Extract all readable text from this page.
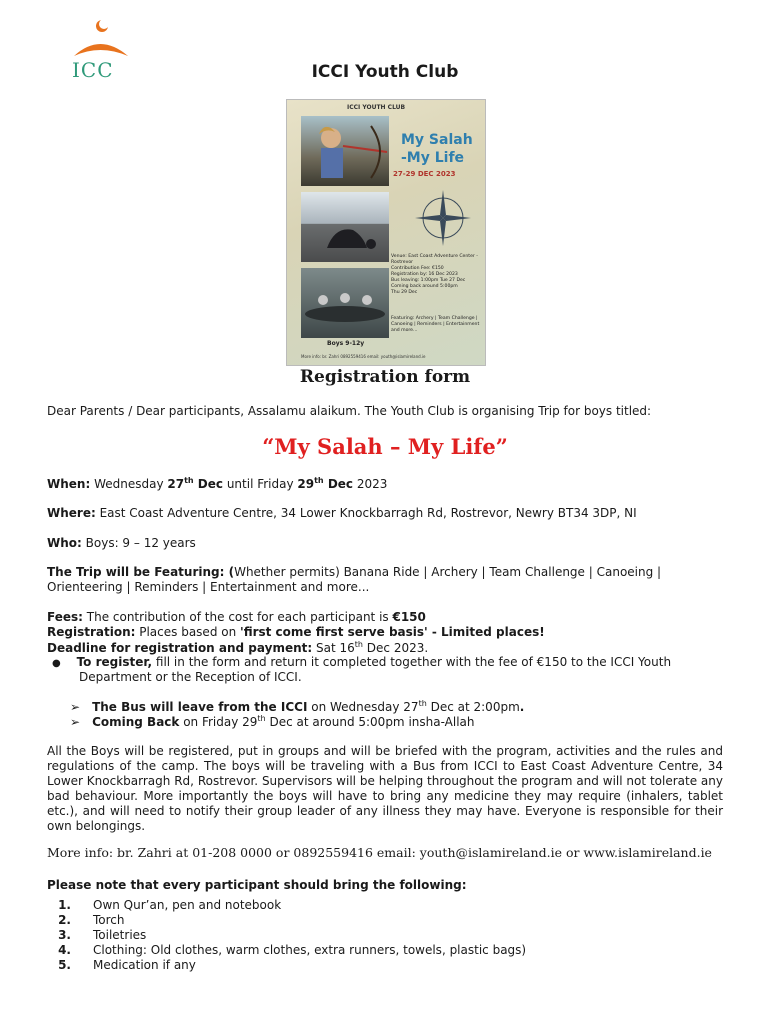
ICC	ICCI Youth Club
ICCI YOUTH CLUB
My Salah
-My Life
27-29 DEC 2023
Venue: East Coast Adventure Center - Rostrevor
Contribution Fee: €150
Registration by: 16 Dec 2023
Bus leaving: 1:00pm Tue 27 Dec
Coming back around 5:00pm
Thu 29 Dec
Featuring: Archery | Team Challenge | Canoeing | Reminders | Entertainment and more...
Boys 9-12y
More info: br. Zahri 0892559416 email: youth@islamireland.ie
Registration form
Dear Parents / Dear participants, Assalamu alaikum. The Youth Club is organising Trip for boys titled:
“My Salah – My Life”
When: Wednesday 27th Dec until Friday 29th Dec 2023
Where: East Coast Adventure Centre, 34 Lower Knockbarragh Rd, Rostrevor, Newry BT34 3DP, NI
Who: Boys: 9 – 12 years
The Trip will be Featuring: (Whether permits) Banana Ride | Archery | Team Challenge | Canoeing |
Orienteering | Reminders | Entertainment and more...
Fees: The contribution of the cost for each participant is €150
Registration: Places based on 'first come first serve basis' - Limited places!
Deadline for registration and payment: Sat 16th Dec 2023.
● To register, fill in the form and return it completed together with the fee of €150 to the ICCI Youth
Department or the Reception of ICCI.
➢ The Bus will leave from the ICCI on Wednesday 27th Dec at 2:00pm.
➢ Coming Back on Friday 29th Dec at around 5:00pm insha-Allah
All the Boys will be registered, put in groups and will be briefed with the program, activities and the rules and regulations of the camp. The boys will be traveling with a Bus from ICCI to East Coast Adventure Centre, 34 Lower Knockbarragh Rd, Rostrevor. Supervisors will be helping throughout the program and will not tolerate any bad behaviour. More importantly the boys will have to bring any medicine they may require (inhalers, tablet etc.), and will need to notify their group leader of any illness they may have. Everyone is responsible for their own belongings.
More info: br. Zahri at 01-208 0000 or 0892559416 email: youth@islamireland.ie or www.islamireland.ie
Please note that every participant should bring the following:
1. Own Qur’an, pen and notebook
2. Torch
3. Toiletries
4. Clothing: Old clothes, warm clothes, extra runners, towels, plastic bags)
5. Medication if any
